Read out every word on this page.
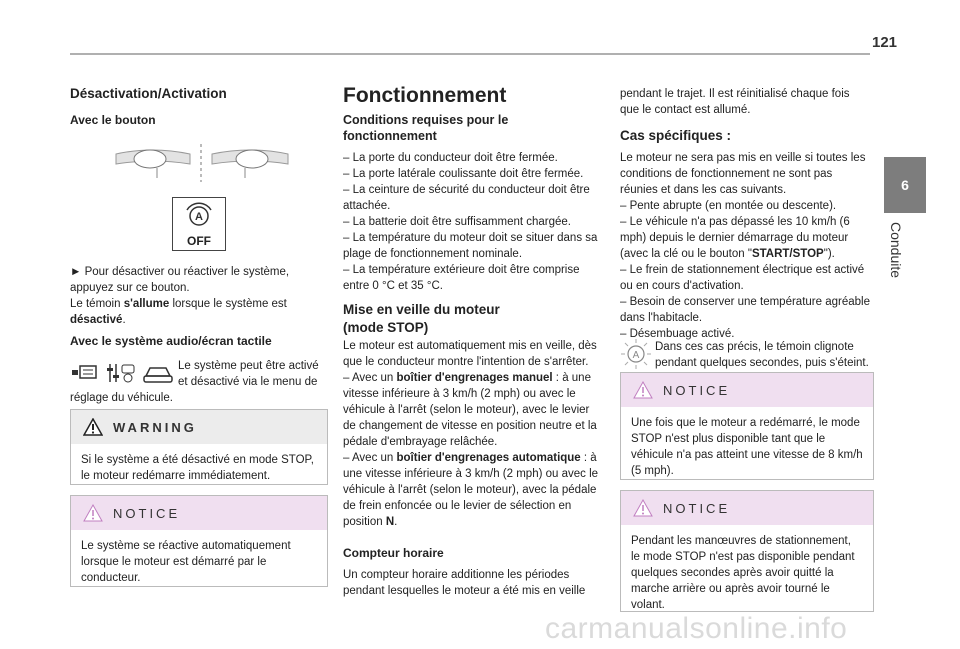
121
6
Conduite
Désactivation/Activation
Avec le bouton
A
OFF

► Pour désactiver ou réactiver le système,

appuyez sur ce bouton.

Le témoin s'allume lorsque le système est

désactivé.

Avec le système audio/écran tactile

Le système peut être activé

et désactivé via le menu de

réglage du véhicule.
WARNING
Si le système a été désactivé en mode STOP, le moteur redémarre immédiatement.
NOTICE
Le système se réactive automatiquement lorsque le moteur est démarré par le conducteur.
Fonctionnement
Conditions requises pour le fonctionnement

– La porte du conducteur doit être fermée.

– La porte latérale coulissante doit être fermée.

– La ceinture de sécurité du conducteur doit être attachée.

– La batterie doit être suffisamment chargée.

– La température du moteur doit se situer dans sa plage de fonctionnement nominale.

– La température extérieure doit être comprise entre 0 °C et 35 °C.

Mise en veille du moteur (mode STOP)

Le moteur est automatiquement mis en veille, dès que le conducteur montre l'intention de s'arrêter.

– Avec un boîtier d'engrenages manuel : à une vitesse inférieure à 3 km/h (2 mph) ou avec le véhicule à l'arrêt (selon le moteur), avec le levier de changement de vitesse en position neutre et la pédale d'embrayage relâchée.

– Avec un boîtier d'engrenages automatique : à une vitesse inférieure à 3 km/h (2 mph) ou avec le véhicule à l'arrêt (selon le moteur), avec la pédale de frein enfoncée ou le levier de sélection en position N.

Compteur horaire
Un compteur horaire additionne les périodes pendant lesquelles le moteur a été mis en veille
pendant le trajet. Il est réinitialisé chaque fois que le contact est allumé.
Cas spécifiques :

Le moteur ne sera pas mis en veille si toutes les conditions de fonctionnement ne sont pas réunies et dans les cas suivants.

– Pente abrupte (en montée ou descente).

– Le véhicule n'a pas dépassé les 10 km/h (6 mph) depuis le dernier démarrage du moteur (avec la clé ou le bouton "START/STOP").

– Le frein de stationnement électrique est activé ou en cours d'activation.

– Besoin de conserver une température agréable dans l'habitacle.

– Désembuage activé.

A

Dans ces cas précis, le témoin clignote

pendant quelques secondes, puis s'éteint.

NOTICE
Une fois que le moteur a redémarré, le mode STOP n'est plus disponible tant que le véhicule n'a pas atteint une vitesse de 8 km/h (5 mph).
NOTICE
Pendant les manœuvres de stationnement, le mode STOP n'est pas disponible pendant quelques secondes après avoir quitté la marche arrière ou après avoir tourné le volant.
carmanualsonline.info
